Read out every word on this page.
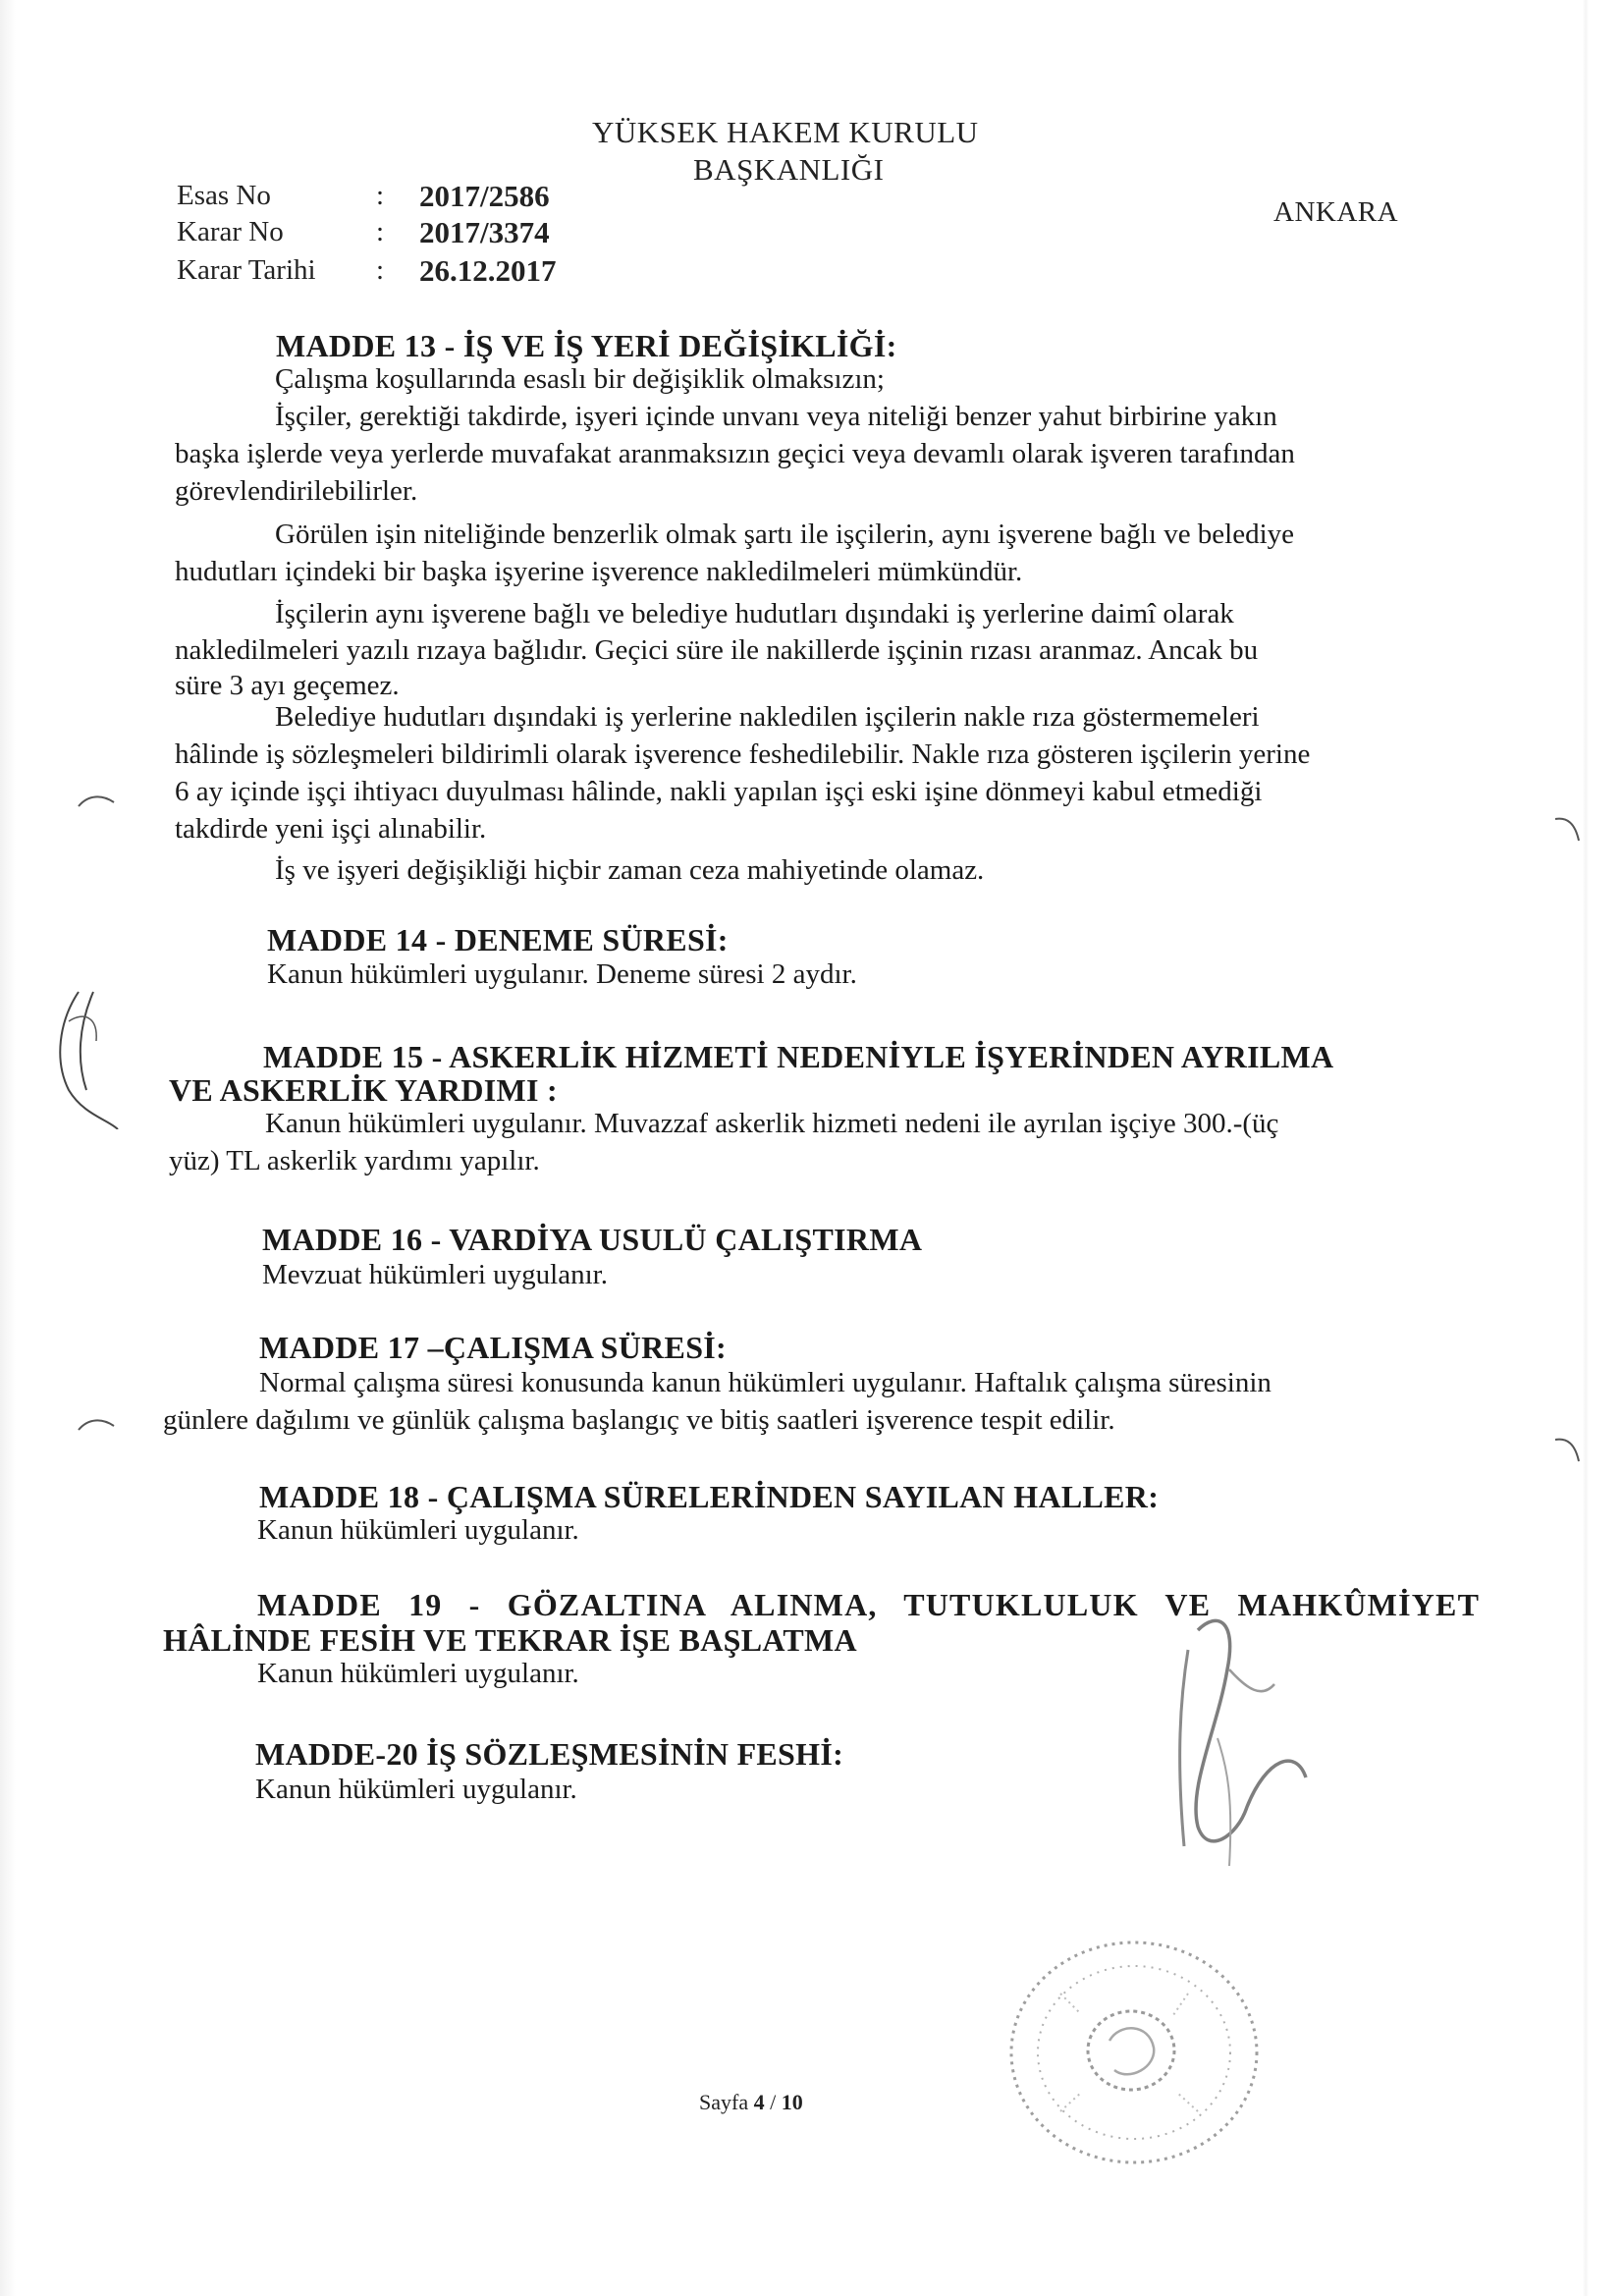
YÜKSEK HAKEM KURULU
BAŞKANLIĞI
ANKARA
Esas No	: 2017/2586
Karar No	: 2017/3374
Karar Tarihi : 26.12.2017
MADDE 13 - İŞ VE İŞ YERİ DEĞİŞİKLİĞİ:
Çalışma koşullarında esaslı bir değişiklik olmaksızın;
İşçiler, gerektiği takdirde, işyeri içinde unvanı veya niteliği benzer yahut birbirine yakın
başka işlerde veya yerlerde muvafakat aranmaksızın geçici veya devamlı olarak işveren tarafından
görevlendirilebilirler.
Görülen işin niteliğinde benzerlik olmak şartı ile işçilerin, aynı işverene bağlı ve belediye
hudutları içindeki bir başka işyerine işverence nakledilmeleri mümkündür.
İşçilerin aynı işverene bağlı ve belediye hudutları dışındaki iş yerlerine daimî olarak
nakledilmeleri yazılı rızaya bağlıdır. Geçici süre ile nakillerde işçinin rızası aranmaz. Ancak bu
süre 3 ayı geçemez.
Belediye hudutları dışındaki iş yerlerine nakledilen işçilerin nakle rıza göstermemeleri
hâlinde iş sözleşmeleri bildirimli olarak işverence feshedilebilir. Nakle rıza gösteren işçilerin yerine
6 ay içinde işçi ihtiyacı duyulması hâlinde, nakli yapılan işçi eski işine dönmeyi kabul etmediği
takdirde yeni işçi alınabilir.
İş ve işyeri değişikliği hiçbir zaman ceza mahiyetinde olamaz.
MADDE 14 - DENEME SÜRESİ:
Kanun hükümleri uygulanır. Deneme süresi 2 aydır.
MADDE 15 - ASKERLİK HİZMETİ NEDENİYLE İŞYERİNDEN AYRILMA
VE ASKERLİK YARDIMI :
Kanun hükümleri uygulanır. Muvazzaf askerlik hizmeti nedeni ile ayrılan işçiye 300.-(üç
yüz) TL askerlik yardımı yapılır.
MADDE 16 - VARDİYA USULÜ ÇALIŞTIRMA
Mevzuat hükümleri uygulanır.
MADDE 17 –ÇALIŞMA SÜRESİ:
Normal çalışma süresi konusunda kanun hükümleri uygulanır. Haftalık çalışma süresinin
günlere dağılımı ve günlük çalışma başlangıç ve bitiş saatleri işverence tespit edilir.
MADDE 18 - ÇALIŞMA SÜRELERİNDEN SAYILAN HALLER:
Kanun hükümleri uygulanır.
MADDE 19 - GÖZALTINA ALINMA, TUTUKLULUK VE MAHKÛMİYET
HÂLİNDE FESİH VE TEKRAR İŞE BAŞLATMA
Kanun hükümleri uygulanır.
MADDE-20 İŞ SÖZLEŞMESİNİN FESHİ:
Kanun hükümleri uygulanır.
Sayfa 4 / 10
